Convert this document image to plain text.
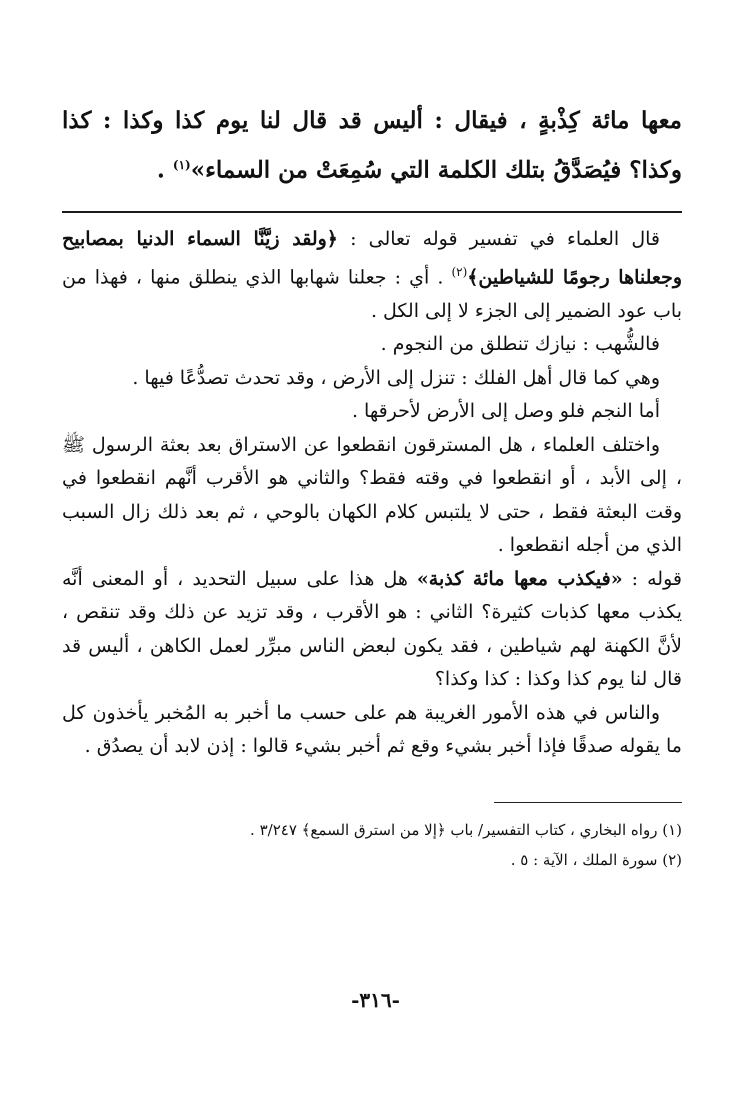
معها مائة كِذْبةٍ ، فيقال : أليس قد قال لنا يوم كذا وكذا : كذا وكذا؟ فيُصَدَّقُ بتلك الكلمة التي سُمِعَتْ من السماء»$^{(١)}$ .

قال العلماء في تفسير قوله تعالى : ﴿ولقد زيَّنَّا السماء الدنيا بمصابيح وجعلناها رجومًا للشياطين﴾$^{(٢)}$ . أي : جعلنا شهابها الذي ينطلق منها ، فهذا من باب عود الضمير إلى الجزء لا إلى الكل .

فالشُّهب : نيازك تنطلق من النجوم .

وهي كما قال أهل الفلك : تنزل إلى الأرض ، وقد تحدث تصدُّعًا فيها .

أما النجم فلو وصل إلى الأرض لأحرقها .

واختلف العلماء ، هل المسترقون انقطعوا عن الاستراق بعد بعثة الرسول ﷺ ، إلى الأبد ، أو انقطعوا في وقته فقط؟ والثاني هو الأقرب أنَّهم انقطعوا في وقت البعثة فقط ، حتى لا يلتبس كلام الكهان بالوحي ، ثم بعد ذلك زال السبب الذي من أجله انقطعوا .

قوله : «فيكذب معها مائة كذبة» هل هذا على سبيل التحديد ، أو المعنى أنَّه يكذب معها كذبات كثيرة؟ الثاني : هو الأقرب ، وقد تزيد عن ذلك وقد تنقص ، لأنَّ الكهنة لهم شياطين ، فقد يكون لبعض الناس مبرِّر لعمل الكاهن ، أليس قد قال لنا يوم كذا وكذا : كذا وكذا؟

والناس في هذه الأمور الغريبة هم على حسب ما أخبر به المُخبر يأخذون كل ما يقوله صدقًا فإذا أخبر بشيء وقع ثم أخبر بشيء قالوا : إذن لابد أن يصدُق .

(١) رواه البخاري ، كتاب التفسير/ باب ﴿إلا من استرق السمع﴾ ٣/٢٤٧ .

(٢) سورة الملك ، الآية : ٥ .

-٣١٦-
